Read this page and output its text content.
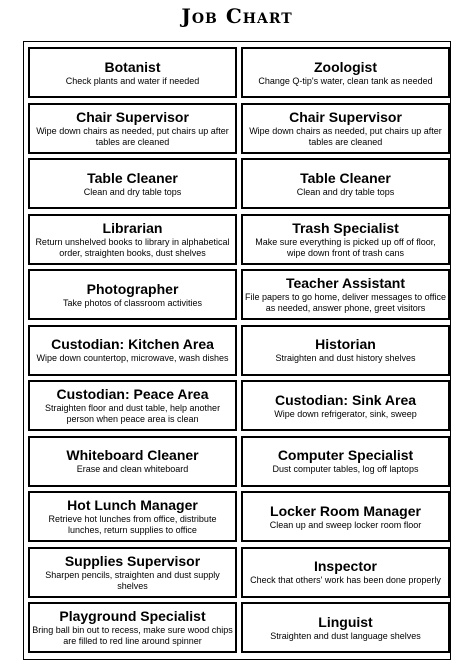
Job Chart
Botanist
Check plants and water if needed
Zoologist
Change Q-tip's water, clean tank as needed
Chair Supervisor
Wipe down chairs as needed, put chairs up after tables are cleaned
Chair Supervisor
Wipe down chairs as needed, put chairs up after tables are cleaned
Table Cleaner
Clean and dry table tops
Table Cleaner
Clean and dry table tops
Librarian
Return unshelved books to library in alphabetical order, straighten books, dust shelves
Trash Specialist
Make sure everything is picked up off of floor, wipe down front of trash cans
Photographer
Take photos of classroom activities
Teacher Assistant
File papers to go home, deliver messages to office as needed, answer phone, greet visitors
Custodian: Kitchen Area
Wipe down countertop, microwave, wash dishes
Historian
Straighten and dust history shelves
Custodian: Peace Area
Straighten floor and dust table, help another person when peace area is clean
Custodian: Sink Area
Wipe down refrigerator, sink, sweep
Whiteboard Cleaner
Erase and clean whiteboard
Computer Specialist
Dust computer tables, log off laptops
Hot Lunch Manager
Retrieve hot lunches from office, distribute lunches, return supplies to office
Locker Room Manager
Clean up and sweep locker room floor
Supplies Supervisor
Sharpen pencils, straighten and dust supply shelves
Inspector
Check that others' work has been done properly
Playground Specialist
Bring ball bin out to recess, make sure wood chips are filled to red line around spinner
Linguist
Straighten and dust language shelves
